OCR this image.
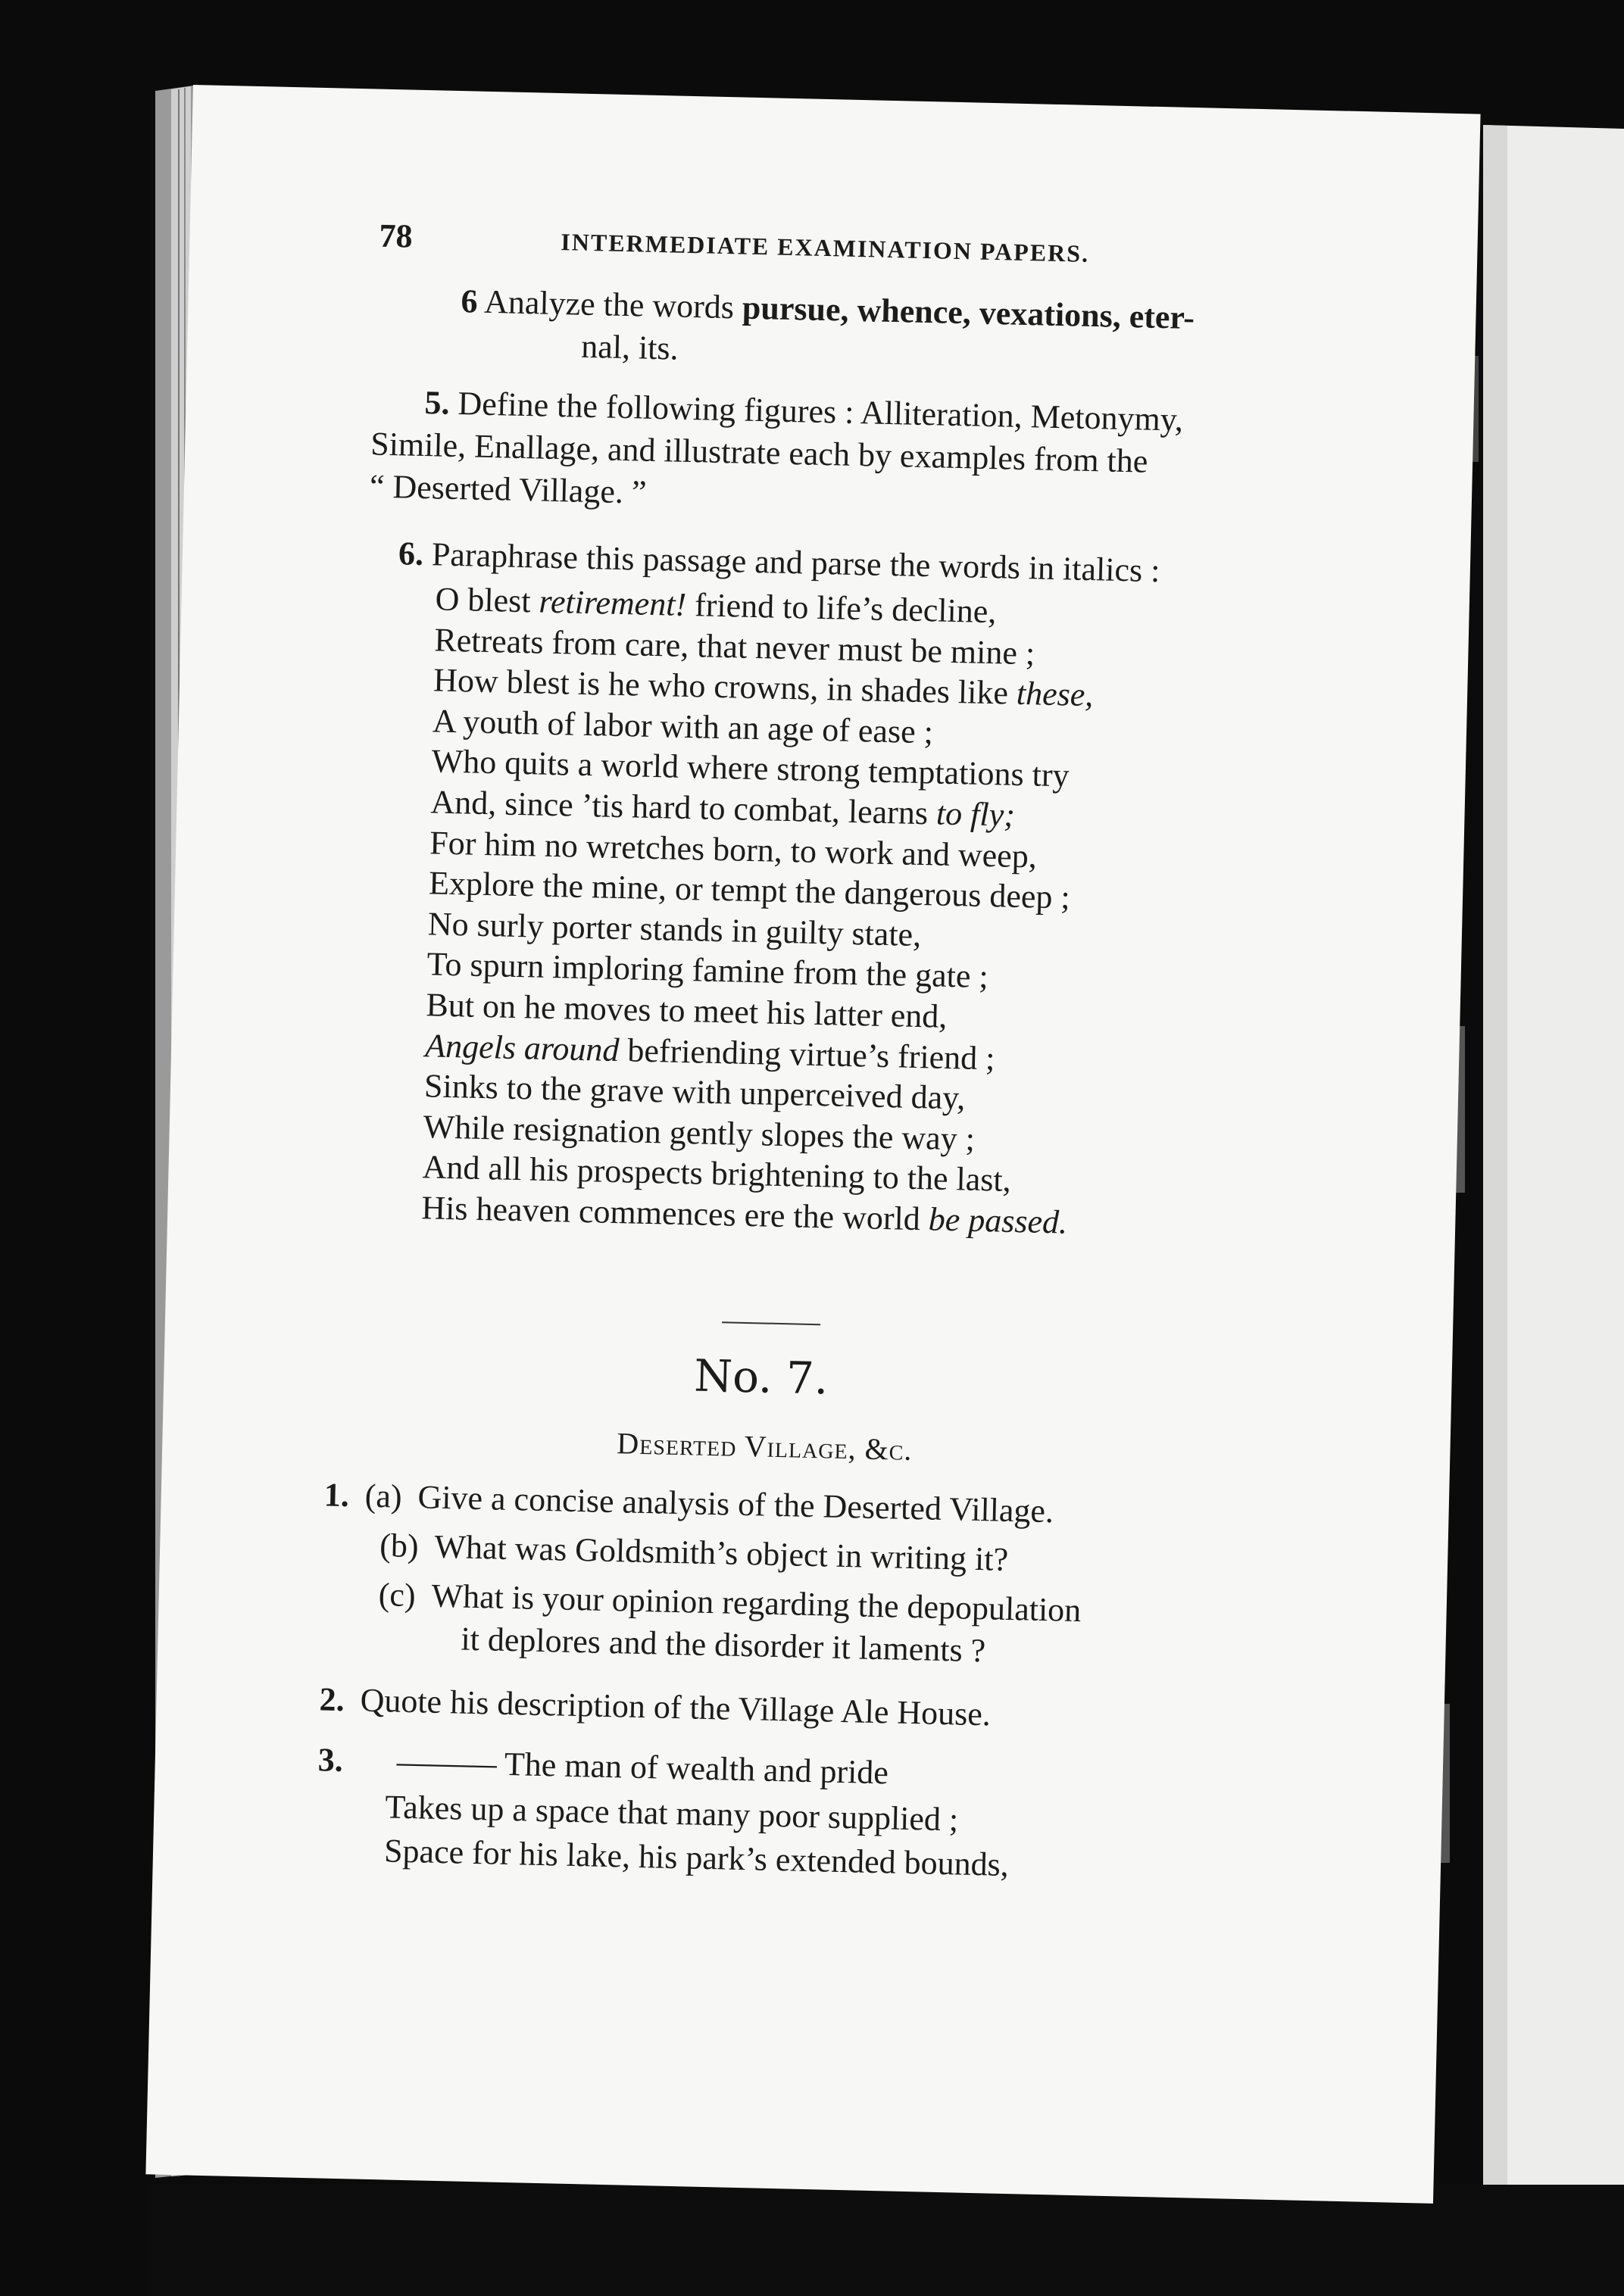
78	INTERMEDIATE EXAMINATION PAPERS.
6 Analyze the words pursue, whence, vexations, eter-
nal, its.
5. Define the following figures : Alliteration, Metonymy,
Simile, Enallage, and illustrate each by examples from the
“ Deserted Village. ”
6. Paraphrase this passage and parse the words in italics :
O blest retirement! friend to life’s decline,
Retreats from care, that never must be mine ;
How blest is he who crowns, in shades like these,
A youth of labor with an age of ease ;
Who quits a world where strong temptations try
And, since ’tis hard to combat, learns to fly;
For him no wretches born, to work and weep,
Explore the mine, or tempt the dangerous deep ;
No surly porter stands in guilty state,
To spurn imploring famine from the gate ;
But on he moves to meet his latter end,
Angels around befriending virtue’s friend ;
Sinks to the grave with unperceived day,
While resignation gently slopes the way ;
And all his prospects brightening to the last,
His heaven commences ere the world be passed.
No. 7.
Deserted Village, &c.
1. (a) Give a concise analysis of the Deserted Village.
(b) What was Goldsmith’s object in writing it?
(c) What is your opinion regarding the depopulation
it deplores and the disorder it laments ?
2. Quote his description of the Village Ale House.
3. ——— The man of wealth and pride
Takes up a space that many poor supplied ;
Space for his lake, his park’s extended bounds,
